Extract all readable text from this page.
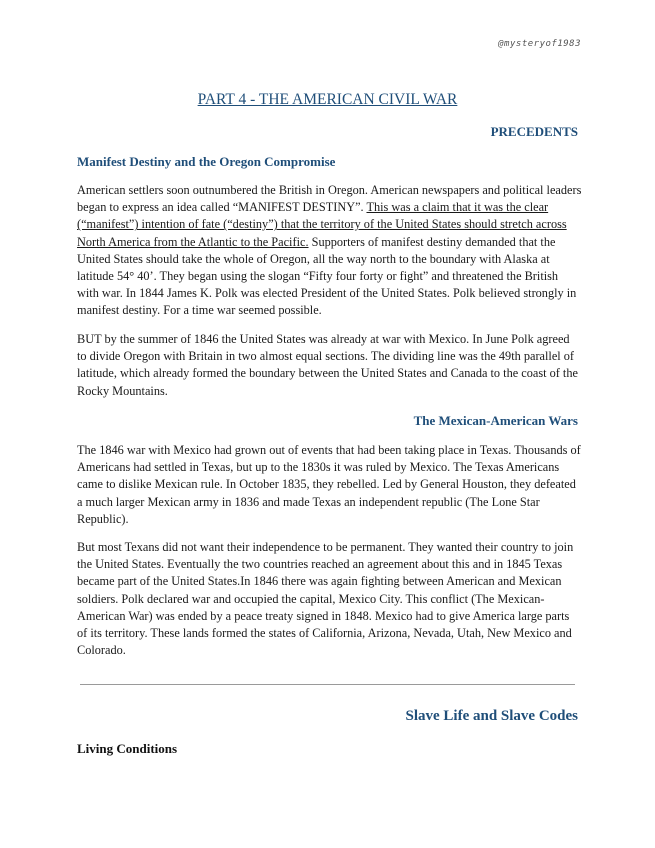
@mysteryof1983
PART 4 - THE AMERICAN CIVIL WAR
PRECEDENTS
Manifest Destiny and the Oregon Compromise

American settlers soon outnumbered the British in Oregon. American newspapers and political leaders began to express an idea called “MANIFEST DESTINY”. This was a claim that it was the clear (“manifest”) intention of fate (“destiny”) that the territory of the United States should stretch across North America from the Atlantic to the Pacific. Supporters of manifest destiny demanded that the United States should take the whole of Oregon, all the way north to the boundary with Alaska at latitude 54° 40’. They began using the slogan “Fifty four forty or fight” and threatened the British with war. In 1844 James K. Polk was elected President of the United States. Polk believed strongly in manifest destiny. For a time war seemed possible.

BUT by the summer of 1846 the United States was already at war with Mexico. In June Polk agreed to divide Oregon with Britain in two almost equal sections. The dividing line was the 49th parallel of latitude, which already formed the boundary between the United States and Canada to the coast of the Rocky Mountains.

The Mexican-American Wars

The 1846 war with Mexico had grown out of events that had been taking place in Texas. Thousands of Americans had settled in Texas, but up to the 1830s it was ruled by Mexico. The Texas Americans came to dislike Mexican rule. In October 1835, they rebelled. Led by General Houston, they defeated a much larger Mexican army in 1836 and made Texas an independent republic (The Lone Star Republic).

But most Texans did not want their independence to be permanent. They wanted their country to join the United States. Eventually the two countries reached an agreement about this and in 1845 Texas became part of the United States.In 1846 there was again fighting between American and Mexican soldiers. Polk declared war and occupied the capital, Mexico City. This conflict (The Mexican-American War) was ended by a peace treaty signed in 1848. Mexico had to give America large parts of its territory. These lands formed the states of California, Arizona, Nevada, Utah, New Mexico and Colorado.

Slave Life and Slave Codes
Living Conditions
